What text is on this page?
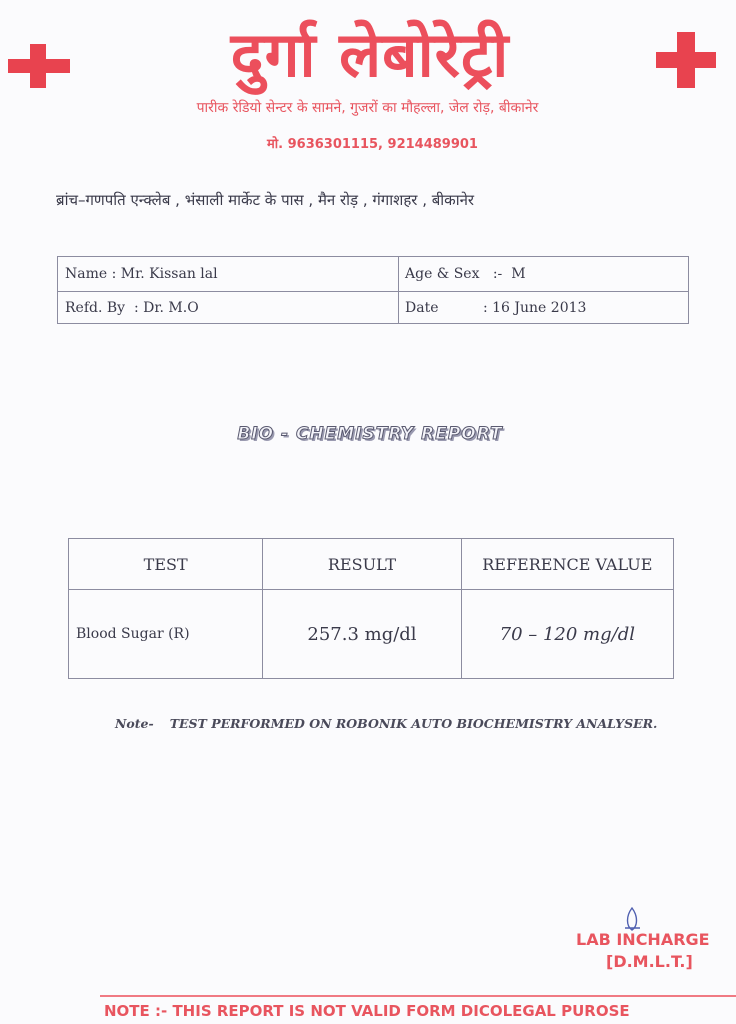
दुर्गा लेबोरेट्री
पारीक रेडियो सेन्टर के सामने, गुजरों का मौहल्ला, जेल रोड़, बीकानेर
मो. 9636301115, 9214489901
ब्रांच–गणपति एन्क्लेब , भंसाली मार्केट के पास , मैन रोड़ , गंगाशहर , बीकानेर
Name : Mr. Kissan lal	Age & Sex   :-  M
Refd. By  : Dr. M.O	Date          : 16 June 2013
BIO - CHEMISTRY REPORT
TEST	RESULT	REFERENCE VALUE
Blood Sugar (R)	257.3 mg/dl	70 – 120 mg/dl
Note- TEST PERFORMED ON ROBONIK AUTO BIOCHEMISTRY ANALYSER.
LAB INCHARGE
[D.M.L.T.]
NOTE :- THIS REPORT IS NOT VALID FORM DICOLEGAL PUROSE
